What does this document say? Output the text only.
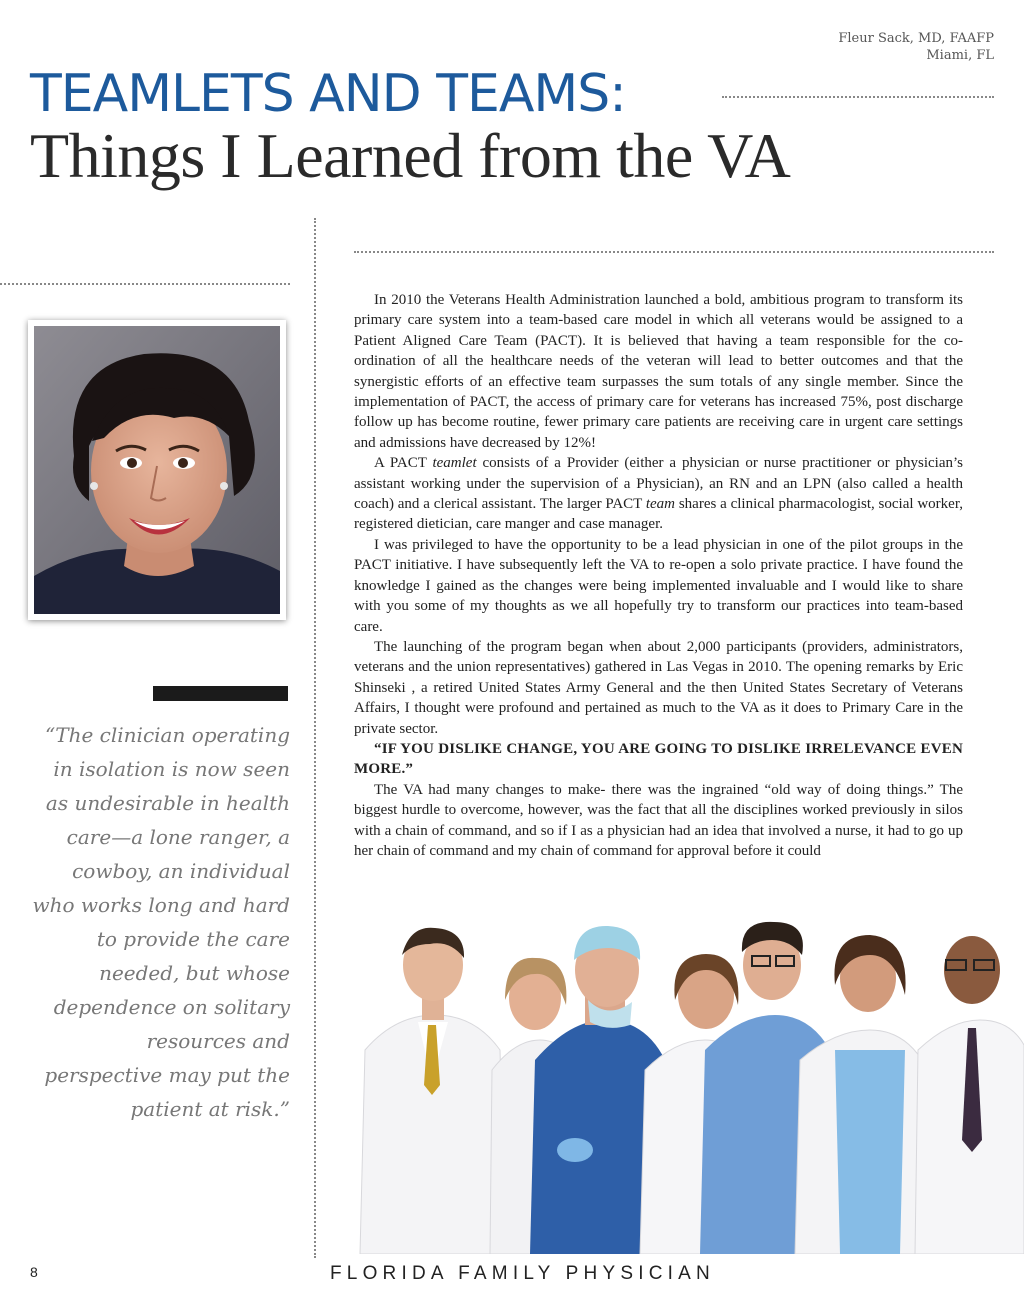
Fleur Sack, MD, FAAFP
Miami, FL
TEAMLETS AND TEAMS:
Things I Learned from the VA
“The clinician operating in isolation is now seen as undesirable in health care—a lone ranger, a cowboy, an individual who works long and hard to provide the care needed, but whose dependence on solitary resources and perspective may put the patient at risk.”

In 2010 the Veterans Health Administration launched a bold, ambitious program to transform its primary care system into a team-based care model in which all veterans would be assigned to a Patient Aligned Care Team (PACT). It is believed that having a team responsible for the co-ordination of all the healthcare needs of the veteran will lead to better outcomes and that the synergistic efforts of an effective team surpasses the sum totals of any single member. Since the implementation of PACT, the access of primary care for veterans has increased 75%, post discharge follow up has become routine, fewer primary care patients are receiving care in urgent care settings and admissions have decreased by 12%!

A PACT teamlet consists of a Provider (either a physician or nurse practitioner or physician’s assistant working under the supervision of a Physician), an RN and an LPN (also called a health coach) and a clerical assistant. The larger PACT team shares a clinical pharmacologist, social worker, registered dietician, care manger and case manager.

I was privileged to have the opportunity to be a lead physician in one of the pilot groups in the PACT initiative. I have subsequently left the VA to re-open a solo private practice. I have found the knowledge I gained as the changes were being implemented invaluable and I would like to share with you some of my thoughts as we all hopefully try to transform our practices into team-based care.

The launching of the program began when about 2,000 participants (providers, administrators, veterans and the union representatives) gathered in Las Vegas in 2010. The opening remarks by Eric Shinseki , a retired United States Army General and the then United States Secretary of Veterans Affairs, I thought were profound and pertained as much to the VA as it does to Primary Care in the private sector.

“IF YOU DISLIKE CHANGE, YOU ARE GOING TO DISLIKE IRRELEVANCE EVEN MORE.”

The VA had many changes to make- there was the ingrained “old way of doing things.” The biggest hurdle to overcome, however, was the fact that all the disciplines worked previously in silos with a chain of command, and so if I as a physician had an idea that involved a nurse, it had to go up her chain of command and my chain of command for approval before it could

8	FLORIDA FAMILY PHYSICIAN
